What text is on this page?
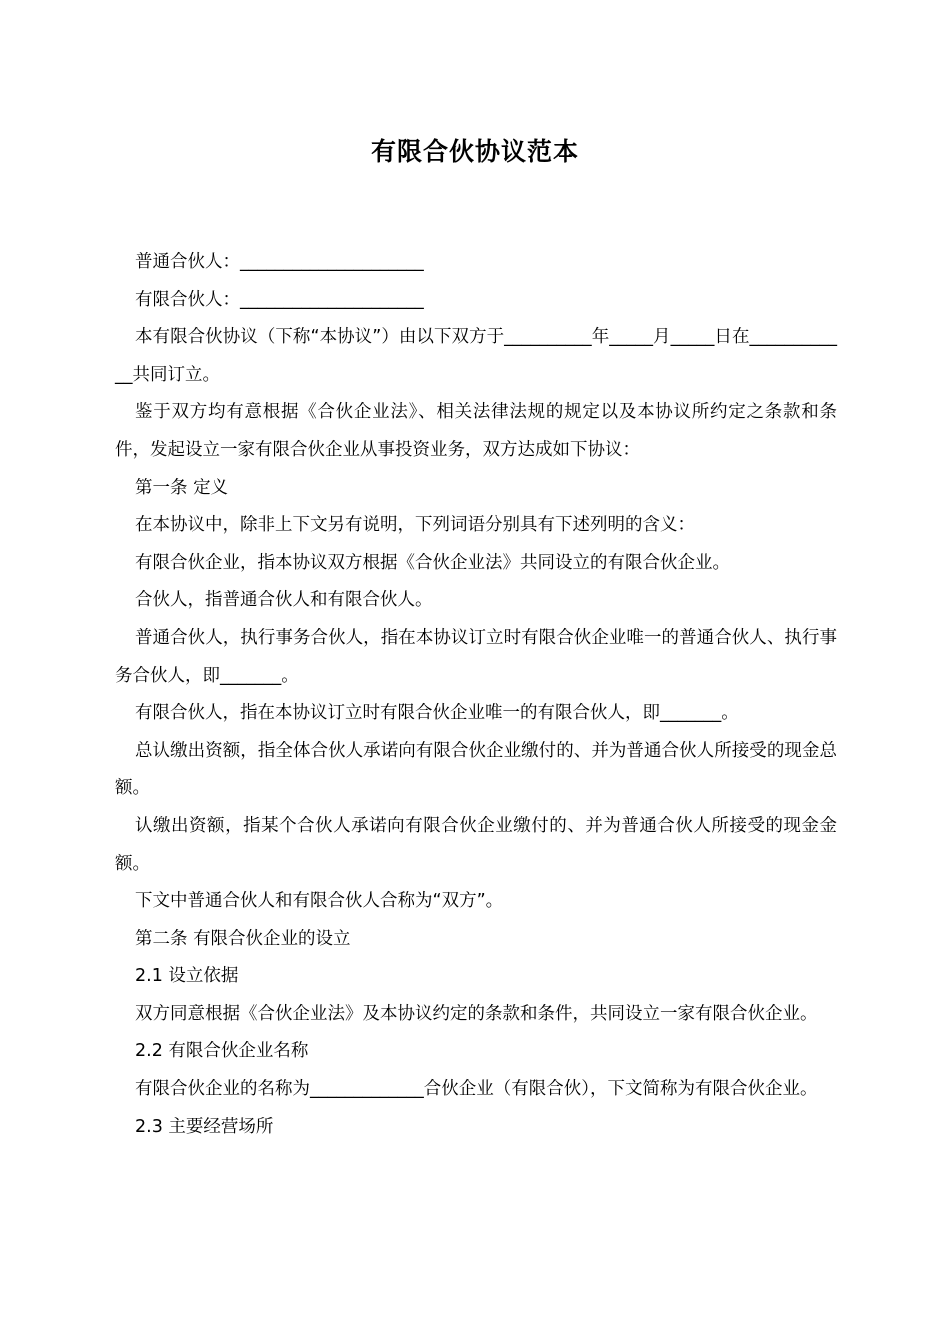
有限合伙协议范本

普通合伙人：_____________________

有限合伙人：_____________________

本有限合伙协议（下称“本协议”）由以下双方于__________年_____月_____日在____________共同订立。

鉴于双方均有意根据《合伙企业法》、相关法律法规的规定以及本协议所约定之条款和条件，发起设立一家有限合伙企业从事投资业务，双方达成如下协议：

第一条 定义

在本协议中，除非上下文另有说明，下列词语分别具有下述列明的含义：

有限合伙企业，指本协议双方根据《合伙企业法》共同设立的有限合伙企业。

合伙人，指普通合伙人和有限合伙人。

普通合伙人，执行事务合伙人，指在本协议订立时有限合伙企业唯一的普通合伙人、执行事务合伙人，即_______。

有限合伙人，指在本协议订立时有限合伙企业唯一的有限合伙人，即_______。

总认缴出资额，指全体合伙人承诺向有限合伙企业缴付的、并为普通合伙人所接受的现金总额。

认缴出资额，指某个合伙人承诺向有限合伙企业缴付的、并为普通合伙人所接受的现金金额。

下文中普通合伙人和有限合伙人合称为“双方”。

第二条 有限合伙企业的设立

2.1 设立依据

双方同意根据《合伙企业法》及本协议约定的条款和条件，共同设立一家有限合伙企业。

2.2 有限合伙企业名称

有限合伙企业的名称为_____________合伙企业（有限合伙），下文简称为有限合伙企业。

2.3 主要经营场所
